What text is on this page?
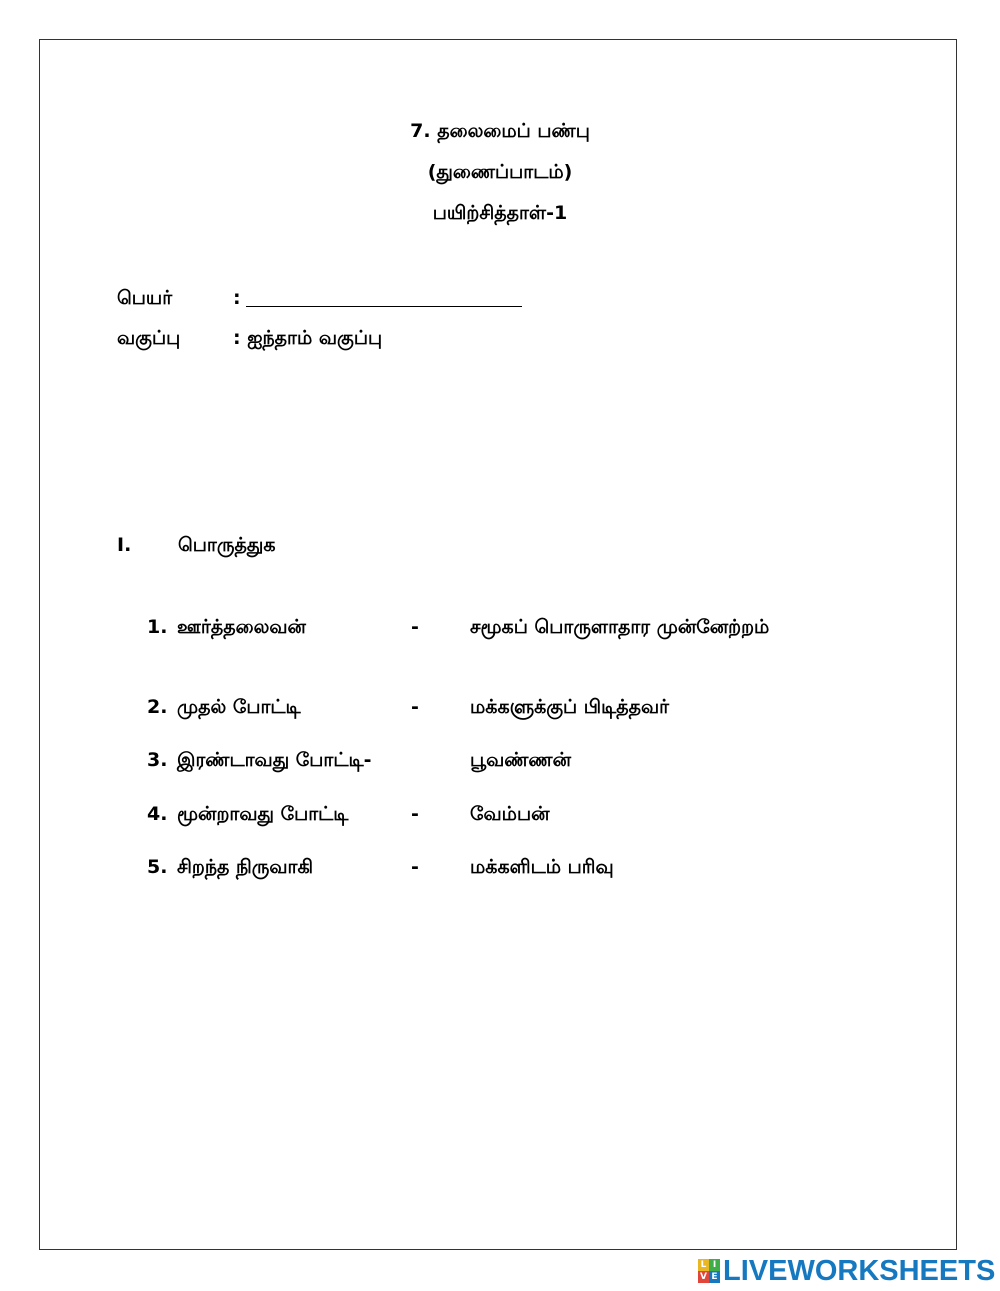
7. தலைமைப் பண்பு
(துணைப்பாடம்)
பயிற்சித்தாள்-1
பெயர்	:
வகுப்பு	: ஐந்தாம் வகுப்பு
I. பொருத்துக
1. ஊர்த்தலைவன்	-	சமூகப் பொருளாதார முன்னேற்றம்
2. முதல் போட்டி	-	மக்களுக்குப் பிடித்தவர்
3. இரண்டாவது போட்டி-	பூவண்ணன்
4. மூன்றாவது போட்டி	-	வேம்பன்
5. சிறந்த நிருவாகி	-	மக்களிடம் பரிவு
L I
V E LIVEWORKSHEETS
